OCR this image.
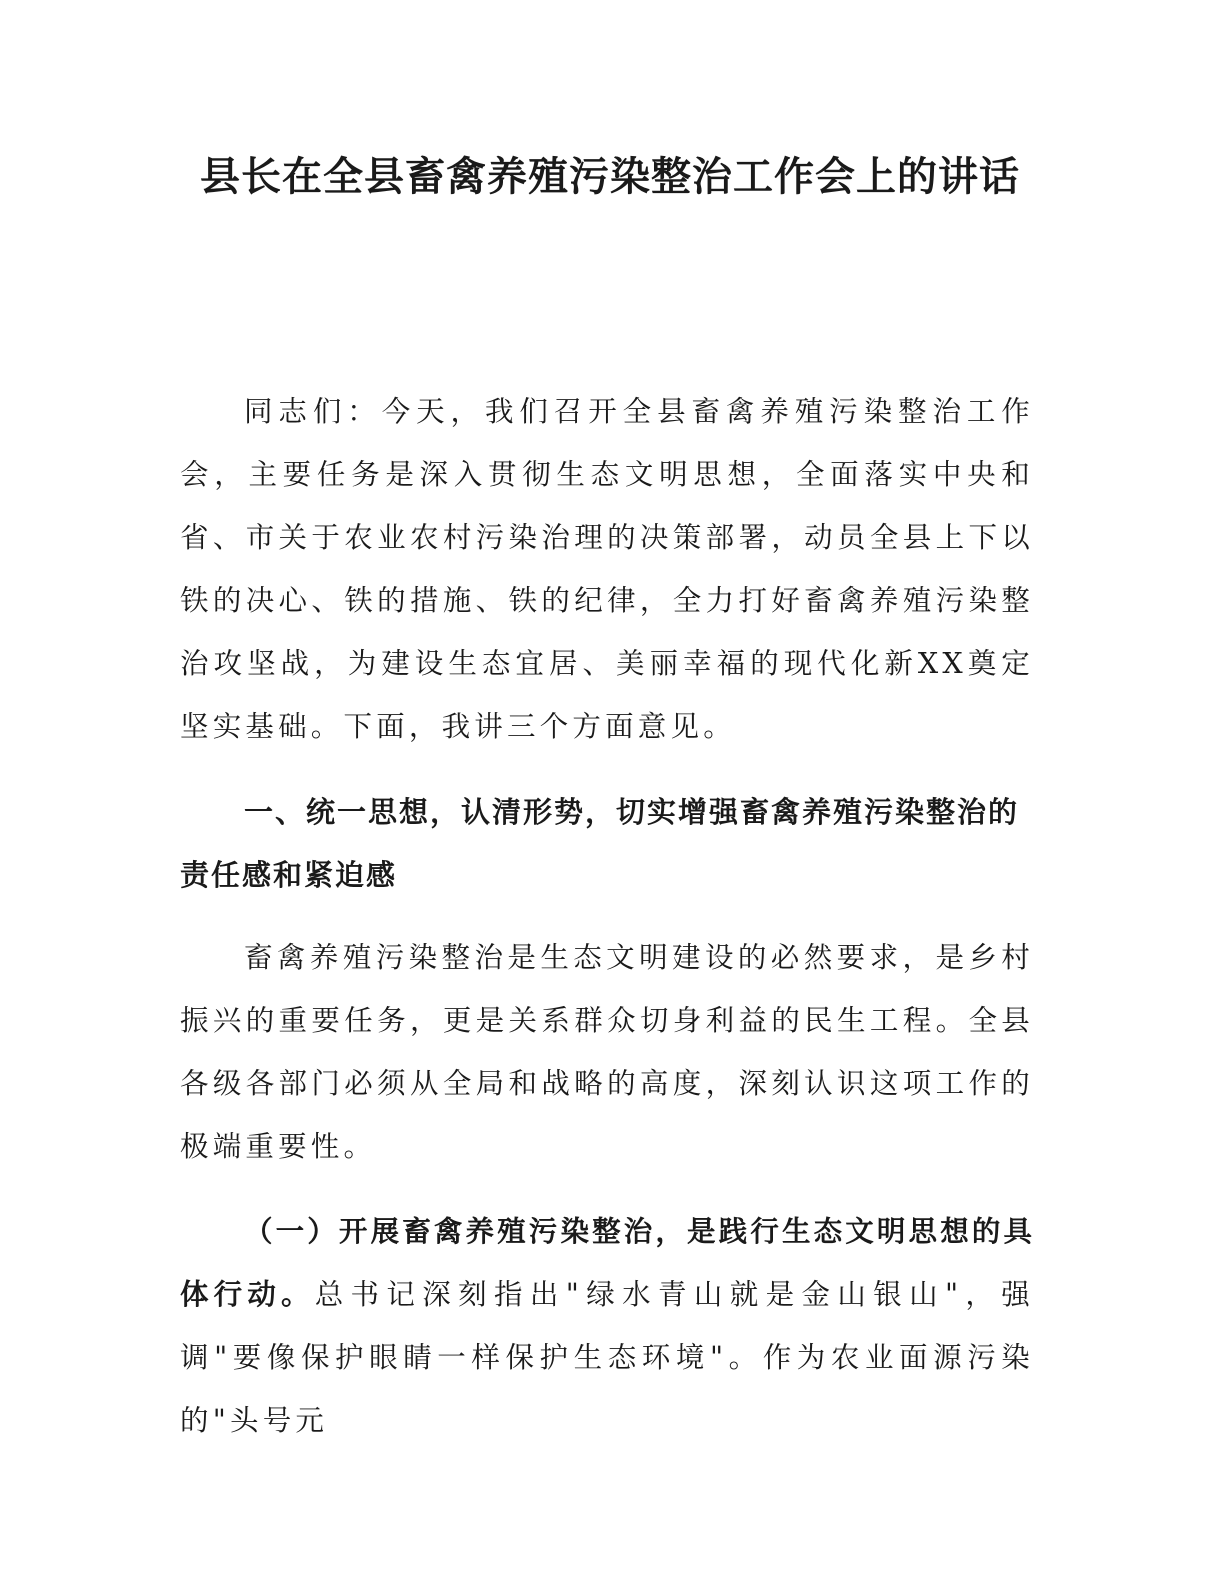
县长在全县畜禽养殖污染整治工作会上的讲话

同志们：今天，我们召开全县畜禽养殖污染整治工作会，主要任务是深入贯彻生态文明思想，全面落实中央和省、市关于农业农村污染治理的决策部署，动员全县上下以铁的决心、铁的措施、铁的纪律，全力打好畜禽养殖污染整治攻坚战，为建设生态宜居、美丽幸福的现代化新XX奠定坚实基础。下面，我讲三个方面意见。

一、统一思想，认清形势，切实增强畜禽养殖污染整治的责任感和紧迫感

畜禽养殖污染整治是生态文明建设的必然要求，是乡村振兴的重要任务，更是关系群众切身利益的民生工程。全县各级各部门必须从全局和战略的高度，深刻认识这项工作的极端重要性。

（一）开展畜禽养殖污染整治，是践行生态文明思想的具体行动。总书记深刻指出"绿水青山就是金山银山"，强调"要像保护眼睛一样保护生态环境"。作为农业面源污染的"头号元
